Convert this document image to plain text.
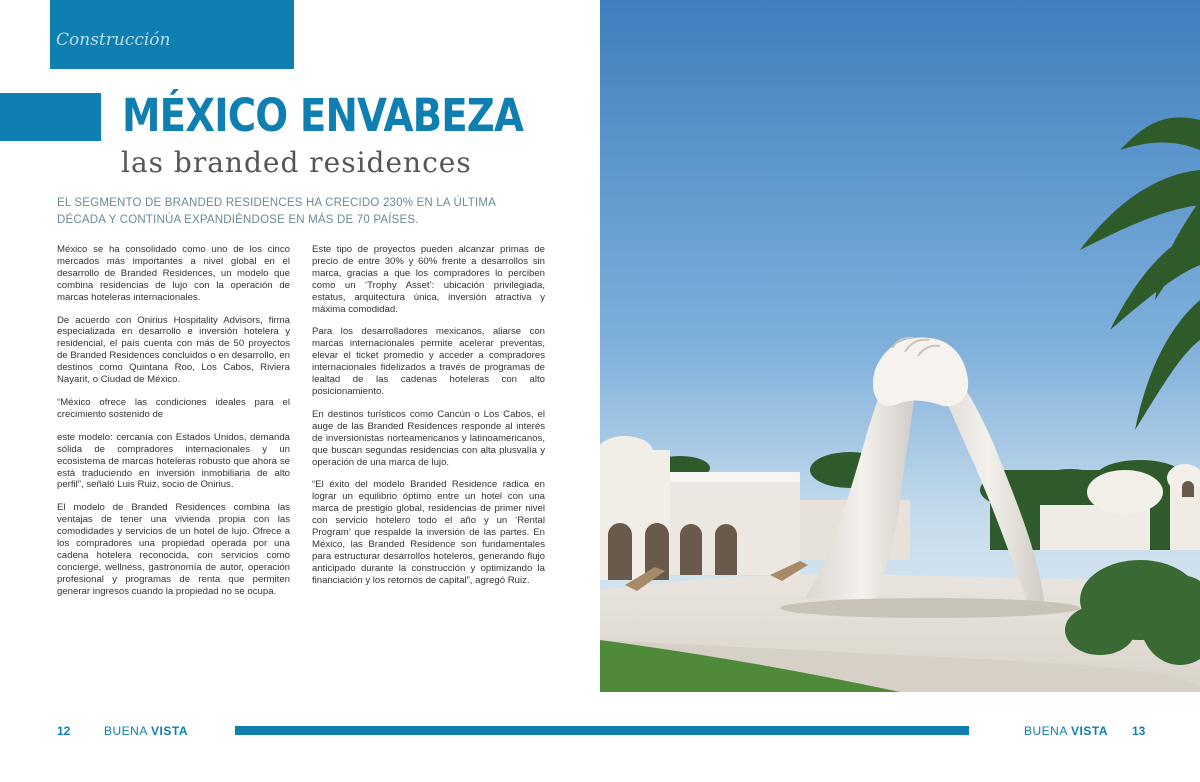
Construcción
MÉXICO ENVABEZA
las branded residences
EL SEGMENTO DE BRANDED RESIDENCES HA CRECIDO 230% EN LA ÚLTIMA DÉCADA Y CONTINÚA EXPANDIÉNDOSE EN MÁS DE 70 PAÍSES.

México se ha consolidado como uno de los cinco mercados más importantes a nivel global en el desarrollo de Branded Residences, un modelo que combina residencias de lujo con la operación de marcas hoteleras internacionales.

De acuerdo con Onirius Hospitality Advisors, firma especializada en desarrollo e inversión hotelera y residencial, el país cuenta con más de 50 proyectos de Branded Residences concluidos o en desarrollo, en destinos como Quintana Roo, Los Cabos, Riviera Nayarit, o Ciudad de México.

“México ofrece las condiciones ideales para el crecimiento sostenido de

este modelo: cercanía con Estados Unidos, demanda sólida de compradores internacionales y un ecosistema de marcas hoteleras robusto que ahora se está traduciendo en inversión inmobiliaria de alto perfil”, señaló Luis Ruiz, socio de Onirius.

El modelo de Branded Residences combina las ventajas de tener una vivienda propia con las comodidades y servicios de un hotel de lujo. Ofrece a los compradores una propiedad operada por una cadena hotelera reconocida, con servicios como concierge, wellness, gastronomía de autor, operación profesional y programas de renta que permiten generar ingresos cuando la propiedad no se ocupa.

Este tipo de proyectos pueden alcanzar primas de precio de entre 30% y 60% frente a desarrollos sin marca, gracias a que los compradores lo perciben como un ‘Trophy Asset’: ubicación privilegiada, estatus, arquitectura única, inversión atractiva y máxima comodidad.

Para los desarrolladores mexicanos, aliarse con marcas internacionales permite acelerar preventas, elevar el ticket promedio y acceder a compradores internacionales fidelizados a través de programas de lealtad de las cadenas hoteleras con alto posicionamiento.

En destinos turísticos como Cancún o Los Cabos, el auge de las Branded Residences responde al interés de inversionistas norteamericanos y latinoamericanos, que buscan segundas residencias con alta plusvalía y operación de una marca de lujo.

“El éxito del modelo Branded Residence radica en lograr un equilibrio óptimo entre un hotel con una marca de prestigio global, residencias de primer nivel con servicio hotelero todo el año y un ‘Rental Program’ que respalde la inversión de las partes. En México, las Branded Residence son fundamentales para estructurar desarrollos hoteleros, generando flujo anticipado durante la construcción y optimizando la financiación y los retornos de capital”, agregó Ruiz.

12	BUENA VISTA	BUENA VISTA 13
